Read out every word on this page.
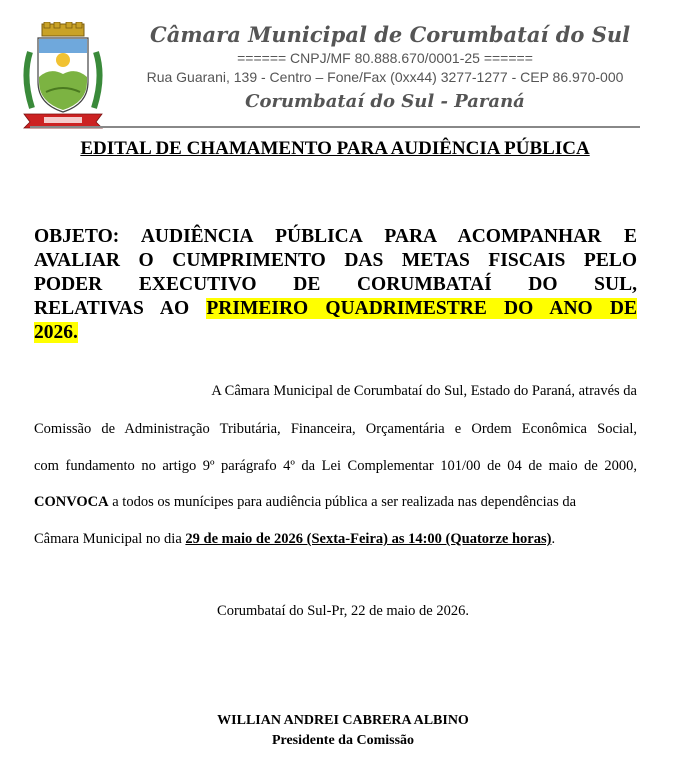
Câmara Municipal de Corumbataí do Sul
====== CNPJ/MF 80.888.670/0001-25 ======
Rua Guarani, 139 - Centro – Fone/Fax (0xx44) 3277-1277 - CEP 86.970-000
Corumbataí do Sul - Paraná
EDITAL DE CHAMAMENTO PARA AUDIÊNCIA PÚBLICA
OBJETO: AUDIÊNCIA PÚBLICA PARA ACOMPANHAR E
AVALIAR O CUMPRIMENTO DAS METAS FISCAIS PELO
PODER EXECUTIVO DE CORUMBATAÍ DO SUL,
RELATIVAS AO PRIMEIRO QUADRIMESTRE DO ANO DE
2026.
A Câmara Municipal de Corumbataí do Sul, Estado do Paraná, através da
Comissão de Administração Tributária, Financeira, Orçamentária e Ordem Econômica Social,
com fundamento no artigo 9º parágrafo 4º da Lei Complementar 101/00 de 04 de maio de 2000,
CONVOCA a todos os munícipes para audiência pública a ser realizada nas dependências da
Câmara Municipal no dia 29 de maio de 2026 (Sexta-Feira) as 14:00 (Quatorze horas).
Corumbataí do Sul-Pr, 22 de maio de 2026.
WILLIAN ANDREI CABRERA ALBINO
Presidente da Comissão
